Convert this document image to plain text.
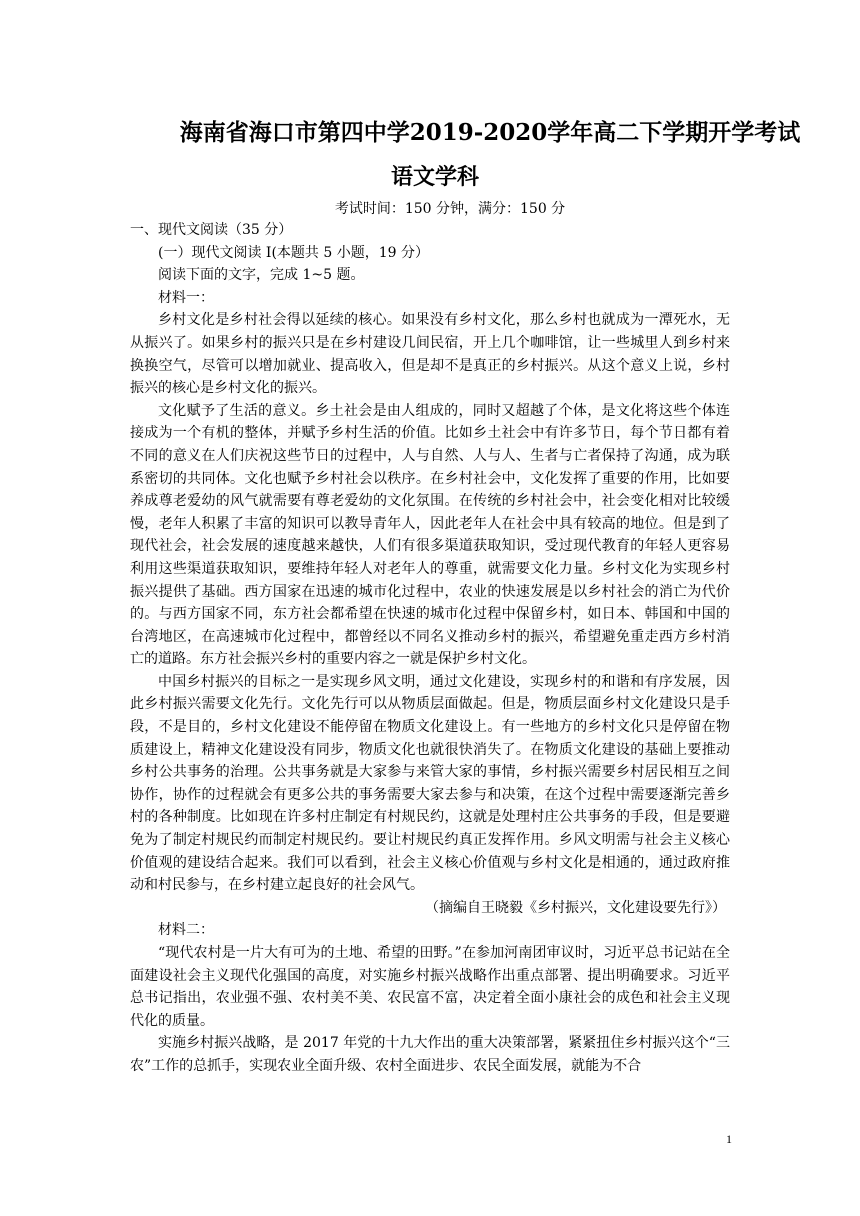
海南省海口市第四中学2019-2020学年高二下学期开学考试
语文学科
考试时间：150 分钟，满分：150 分

一、现代文阅读（35 分）

(一）现代文阅读 I(本题共 5 小题，19 分）

阅读下面的文字，完成 1~5 题。

材料一：

乡村文化是乡村社会得以延续的核心。如果没有乡村文化，那么乡村也就成为一潭死水，无从振兴了。如果乡村的振兴只是在乡村建设几间民宿，开上几个咖啡馆，让一些城里人到乡村来换换空气，尽管可以增加就业、提高收入，但是却不是真正的乡村振兴。从这个意义上说，乡村振兴的核心是乡村文化的振兴。

文化赋予了生活的意义。乡土社会是由人组成的，同时又超越了个体，是文化将这些个体连接成为一个有机的整体，并赋予乡村生活的价值。比如乡土社会中有许多节日，每个节日都有着不同的意义在人们庆祝这些节日的过程中，人与自然、人与人、生者与亡者保持了沟通，成为联系密切的共同体。文化也赋予乡村社会以秩序。在乡村社会中，文化发挥了重要的作用，比如要养成尊老爱幼的风气就需要有尊老爱幼的文化氛围。在传统的乡村社会中，社会变化相对比较缓慢，老年人积累了丰富的知识可以教导青年人，因此老年人在社会中具有较高的地位。但是到了现代社会，社会发展的速度越来越快，人们有很多渠道获取知识，受过现代教育的年轻人更容易利用这些渠道获取知识，要维持年轻人对老年人的尊重，就需要文化力量。乡村文化为实现乡村振兴提供了基础。西方国家在迅速的城市化过程中，农业的快速发展是以乡村社会的消亡为代价的。与西方国家不同，东方社会都希望在快速的城市化过程中保留乡村，如日本、韩国和中国的台湾地区，在高速城市化过程中，都曾经以不同名义推动乡村的振兴，希望避免重走西方乡村消亡的道路。东方社会振兴乡村的重要内容之一就是保护乡村文化。

中国乡村振兴的目标之一是实现乡风文明，通过文化建设，实现乡村的和谐和有序发展，因此乡村振兴需要文化先行。文化先行可以从物质层面做起。但是，物质层面乡村文化建设只是手段，不是目的，乡村文化建设不能停留在物质文化建设上。有一些地方的乡村文化只是停留在物质建设上，精神文化建设没有同步，物质文化也就很快消失了。在物质文化建设的基础上要推动乡村公共事务的治理。公共事务就是大家参与来管大家的事情，乡村振兴需要乡村居民相互之间协作，协作的过程就会有更多公共的事务需要大家去参与和决策，在这个过程中需要逐渐完善乡村的各种制度。比如现在许多村庄制定有村规民约，这就是处理村庄公共事务的手段，但是要避免为了制定村规民约而制定村规民约。要让村规民约真正发挥作用。乡风文明需与社会主义核心价值观的建设结合起来。我们可以看到，社会主义核心价值观与乡村文化是相通的，通过政府推动和村民参与，在乡村建立起良好的社会风气。

（摘编自王晓毅《乡村振兴，文化建设要先行》）

材料二：

“现代农村是一片大有可为的土地、希望的田野。”在参加河南团审议时，习近平总书记站在全面建设社会主义现代化强国的高度，对实施乡村振兴战略作出重点部署、提出明确要求。习近平总书记指出，农业强不强、农村美不美、农民富不富，决定着全面小康社会的成色和社会主义现代化的质量。

实施乡村振兴战略，是 2017 年党的十九大作出的重大决策部署，紧紧扭住乡村振兴这个“三农”工作的总抓手，实现农业全面升级、农村全面进步、农民全面发展，就能为不合

1
